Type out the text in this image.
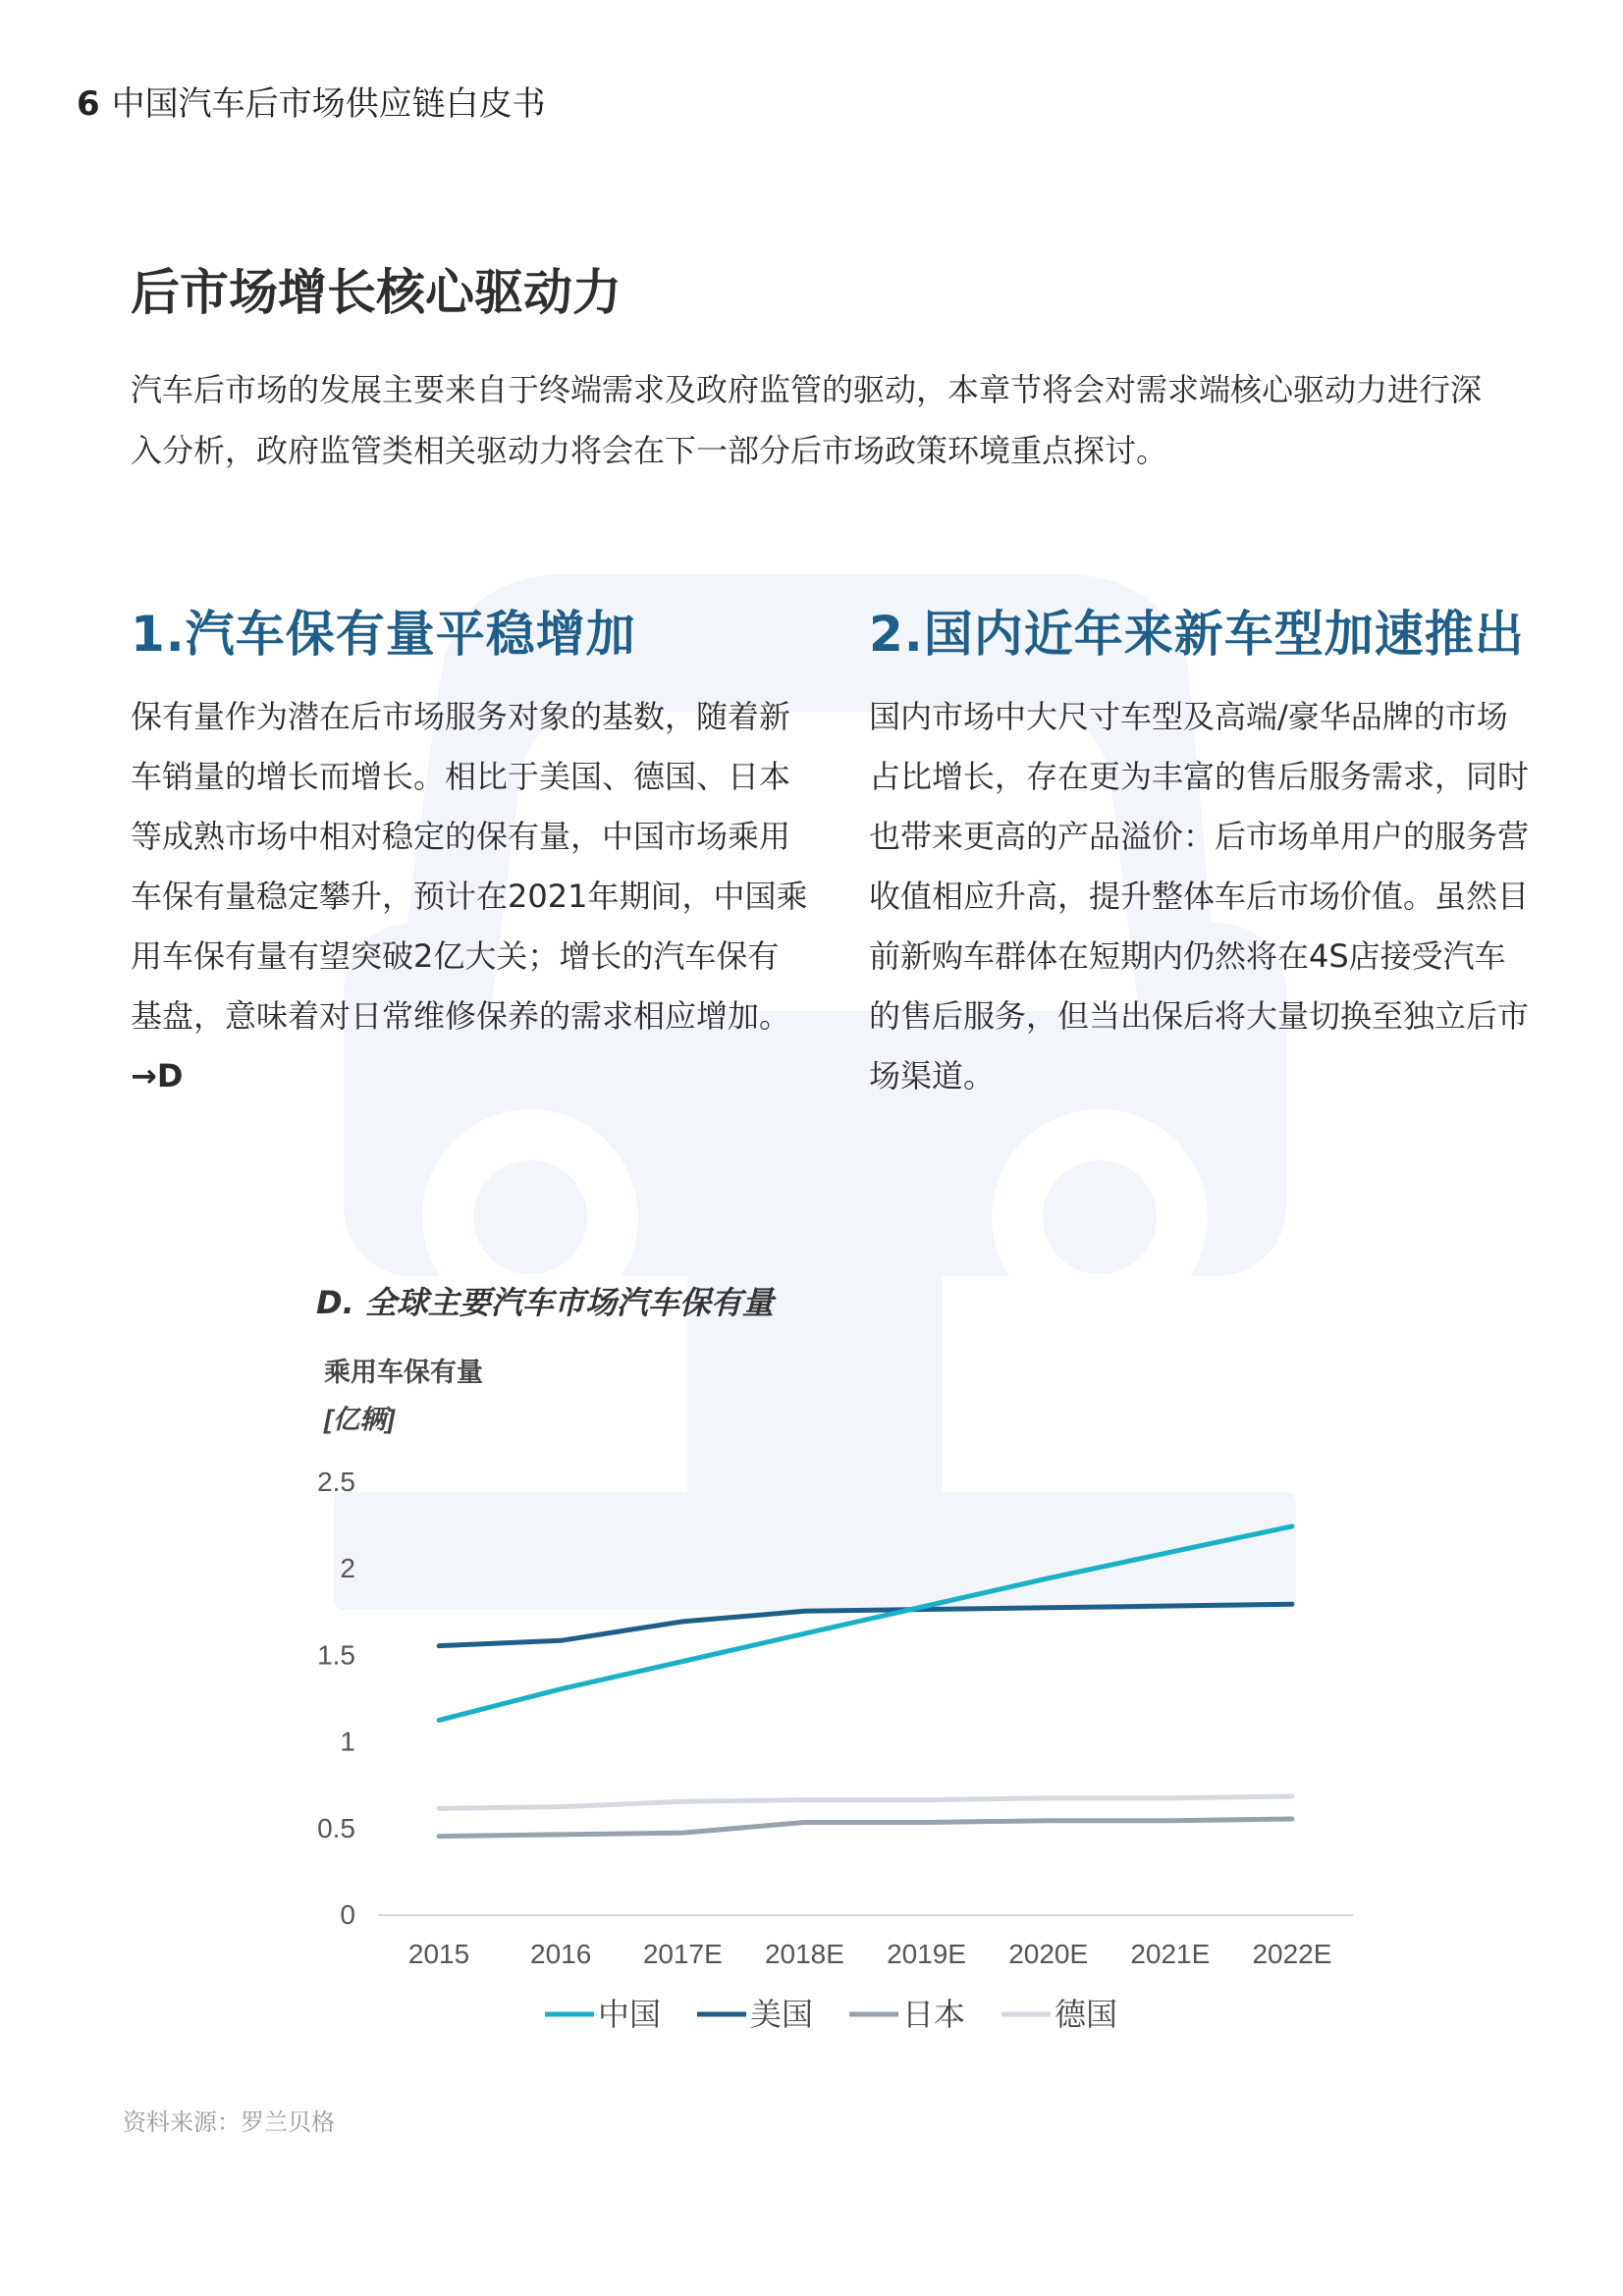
6 中国汽车后市场供应链白皮书
后市场增长核心驱动力
汽车后市场的发展主要来自于终端需求及政府监管的驱动，本章节将会对需求端核心驱动力进行深入分析，政府监管类相关驱动力将会在下一部分后市场政策环境重点探讨。
1.汽车保有量平稳增加

保有量作为潜在后市场服务对象的基数，随着新车销量的增长而增长。相比于美国、德国、日本等成熟市场中相对稳定的保有量，中国市场乘用车保有量稳定攀升，预计在2021年期间，中国乘用车保有量有望突破2亿大关；增长的汽车保有基盘，意味着对日常维修保养的需求相应增加。 →D

2.国内近年来新车型加速推出

国内市场中大尺寸车型及高端/豪华品牌的市场占比增长，存在更为丰富的售后服务需求，同时也带来更高的产品溢价：后市场单用户的服务营收值相应升高，提升整体车后市场价值。虽然目前新购车群体在短期内仍然将在4S店接受汽车的售后服务，但当出保后将大量切换至独立后市场渠道。

D. 全球主要汽车市场汽车保有量
乘用车保有量
[亿辆]
0
0.5
1
1.5
2
2.5
2015 2016 2017E 2018E 2019E 2020E 2021E 2022E
中国	美国	日本	德国
资料来源：罗兰贝格
